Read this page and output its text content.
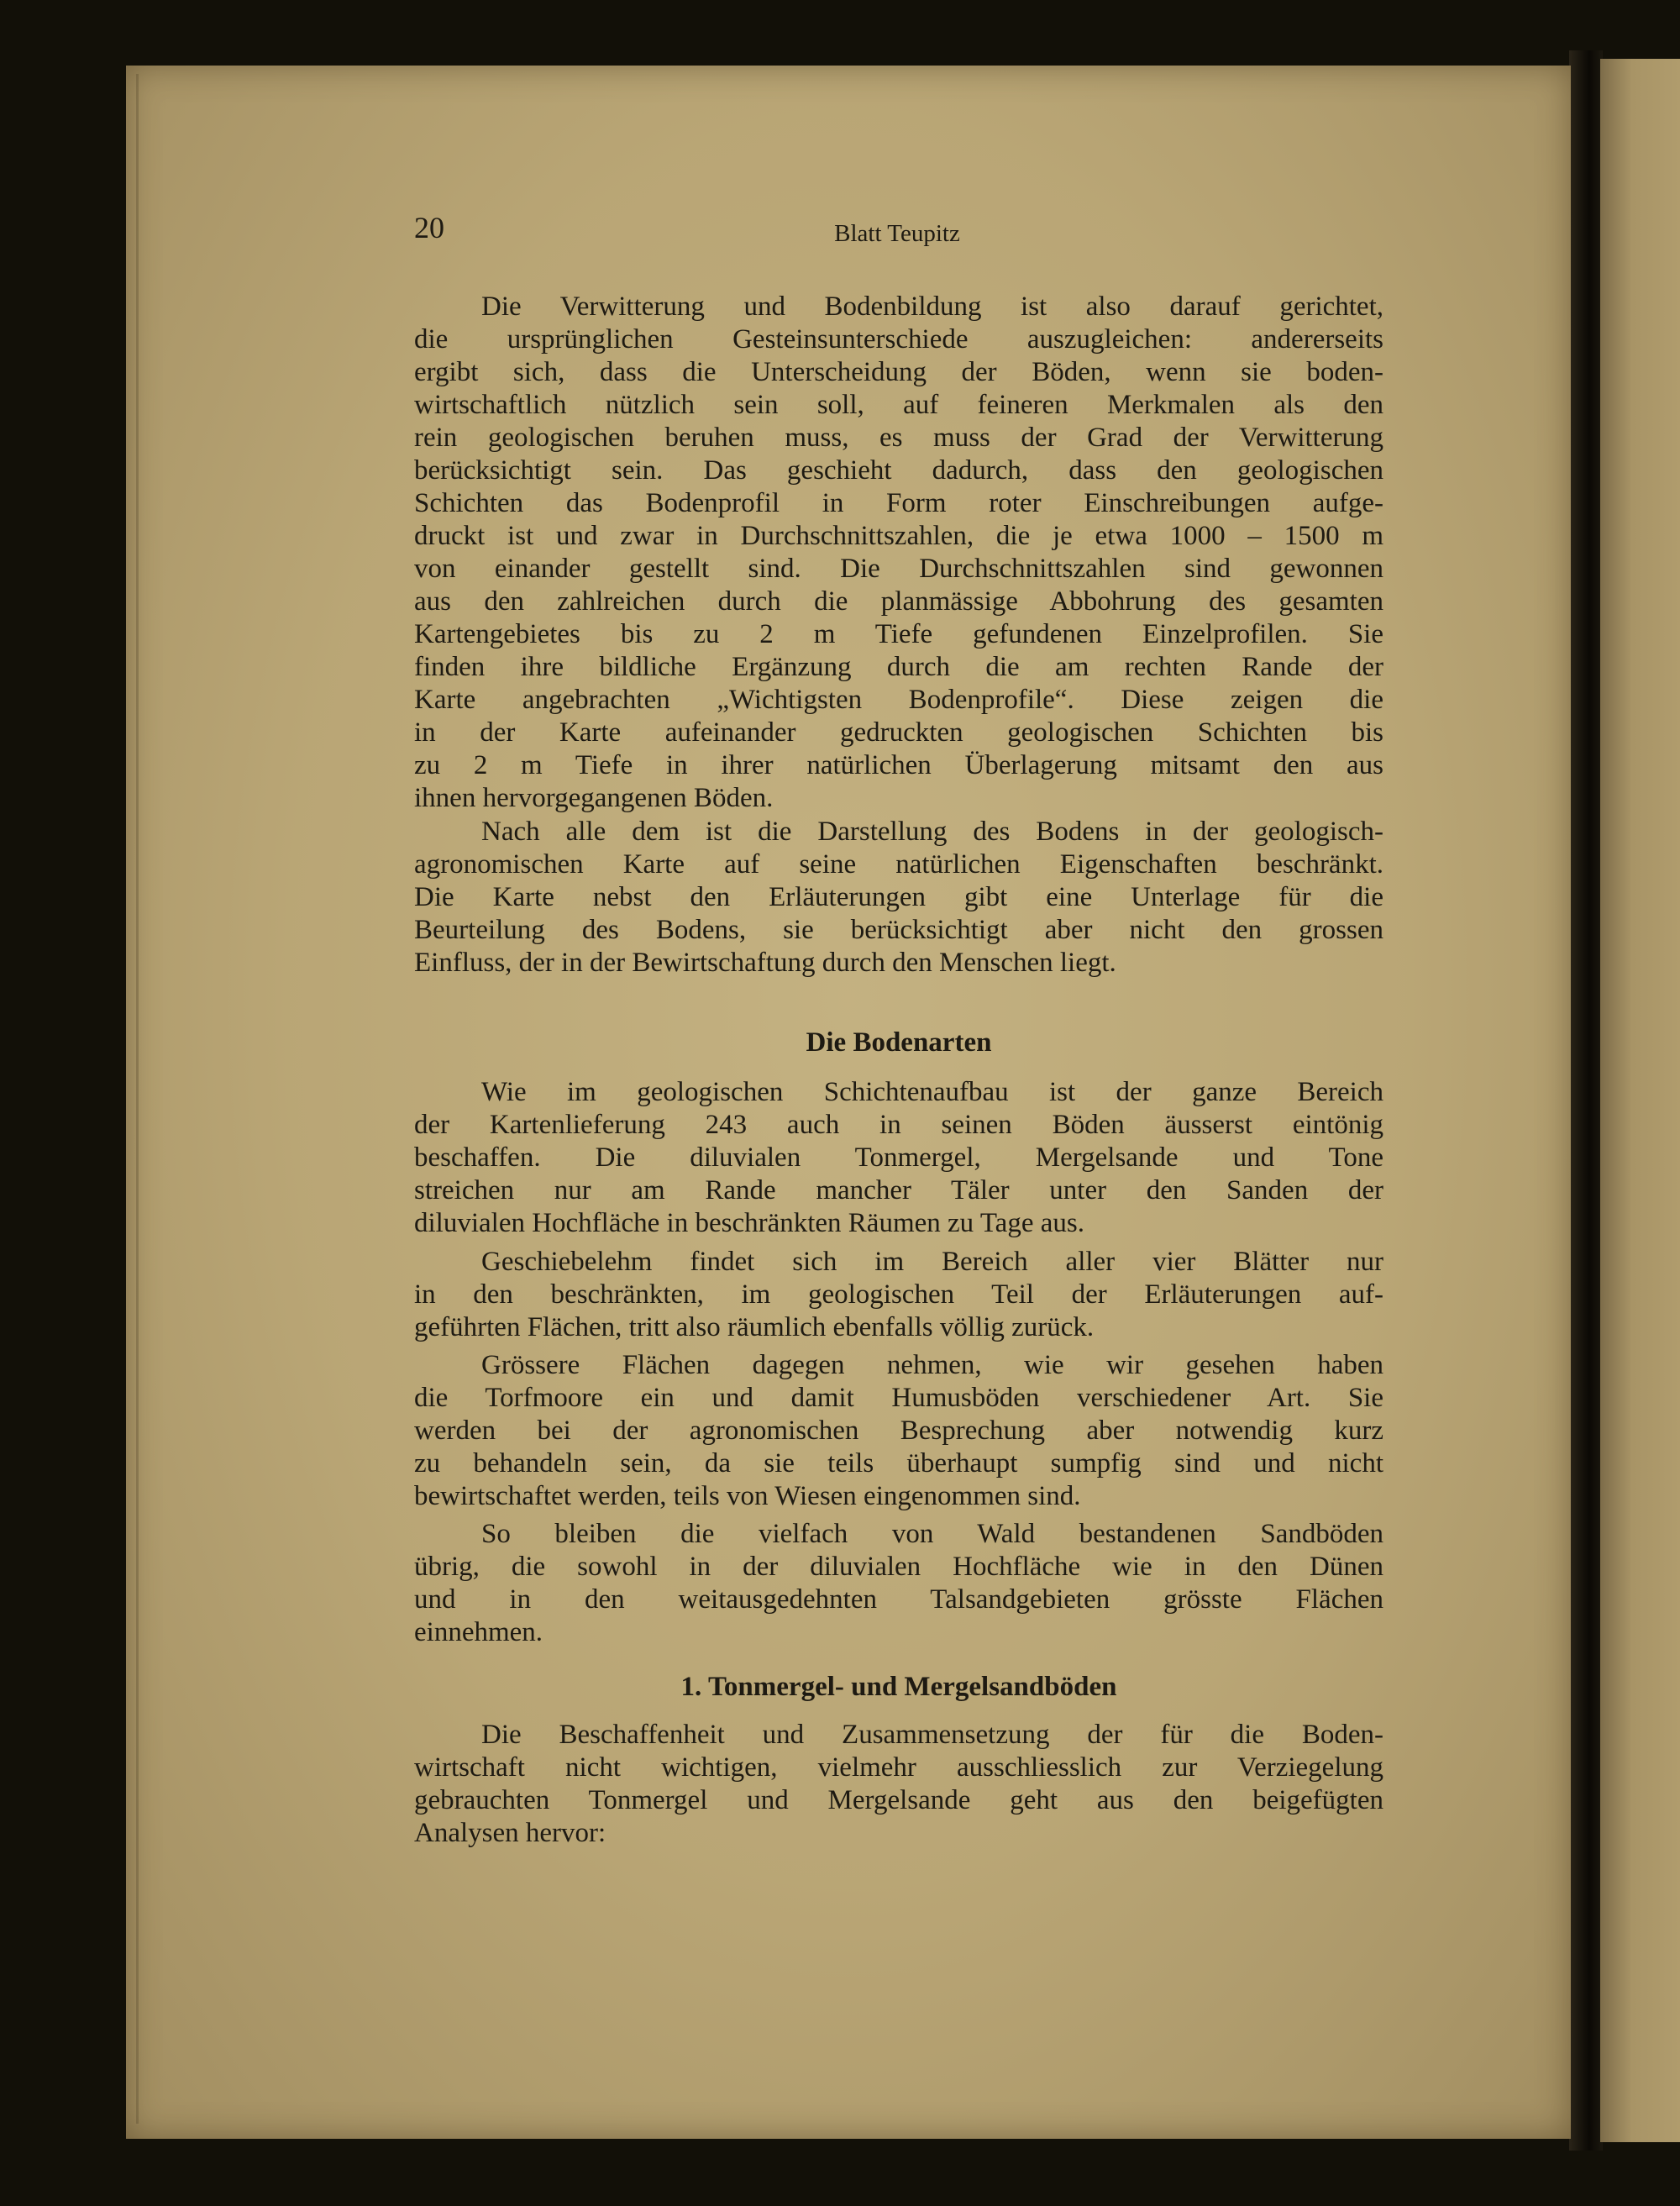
20	Blatt Teupitz
Die Verwitterung und Bodenbildung ist also darauf gerichtet,
die ursprünglichen Gesteinsunterschiede auszugleichen: andererseits
ergibt sich, dass die Unterscheidung der Böden, wenn sie boden-
wirtschaftlich nützlich sein soll, auf feineren Merkmalen als den
rein geologischen beruhen muss, es muss der Grad der Verwitterung
berücksichtigt sein. Das geschieht dadurch, dass den geologischen
Schichten das Bodenprofil in Form roter Einschreibungen aufge-
druckt ist und zwar in Durchschnittszahlen, die je etwa 1000 – 1500 m
von einander gestellt sind. Die Durchschnittszahlen sind gewonnen
aus den zahlreichen durch die planmässige Abbohrung des gesamten
Kartengebietes bis zu 2 m Tiefe gefundenen Einzelprofilen. Sie
finden ihre bildliche Ergänzung durch die am rechten Rande der
Karte angebrachten „Wichtigsten Bodenprofile“. Diese zeigen die
in der Karte aufeinander gedruckten geologischen Schichten bis
zu 2 m Tiefe in ihrer natürlichen Überlagerung mitsamt den aus
ihnen hervorgegangenen Böden.
Nach alle dem ist die Darstellung des Bodens in der geologisch-
agronomischen Karte auf seine natürlichen Eigenschaften beschränkt.
Die Karte nebst den Erläuterungen gibt eine Unterlage für die
Beurteilung des Bodens, sie berücksichtigt aber nicht den grossen
Einfluss, der in der Bewirtschaftung durch den Menschen liegt.
Die Bodenarten
Wie im geologischen Schichtenaufbau ist der ganze Bereich
der Kartenlieferung 243 auch in seinen Böden äusserst eintönig
beschaffen. Die diluvialen Tonmergel, Mergelsande und Tone
streichen nur am Rande mancher Täler unter den Sanden der
diluvialen Hochfläche in beschränkten Räumen zu Tage aus.
Geschiebelehm findet sich im Bereich aller vier Blätter nur
in den beschränkten, im geologischen Teil der Erläuterungen auf-
geführten Flächen, tritt also räumlich ebenfalls völlig zurück.
Grössere Flächen dagegen nehmen, wie wir gesehen haben
die Torfmoore ein und damit Humusböden verschiedener Art. Sie
werden bei der agronomischen Besprechung aber notwendig kurz
zu behandeln sein, da sie teils überhaupt sumpfig sind und nicht
bewirtschaftet werden, teils von Wiesen eingenommen sind.
So bleiben die vielfach von Wald bestandenen Sandböden
übrig, die sowohl in der diluvialen Hochfläche wie in den Dünen
und in den weitausgedehnten Talsandgebieten grösste Flächen
einnehmen.
1. Tonmergel- und Mergelsandböden
Die Beschaffenheit und Zusammensetzung der für die Boden-
wirtschaft nicht wichtigen, vielmehr ausschliesslich zur Verziegelung
gebrauchten Tonmergel und Mergelsande geht aus den beigefügten
Analysen hervor:
